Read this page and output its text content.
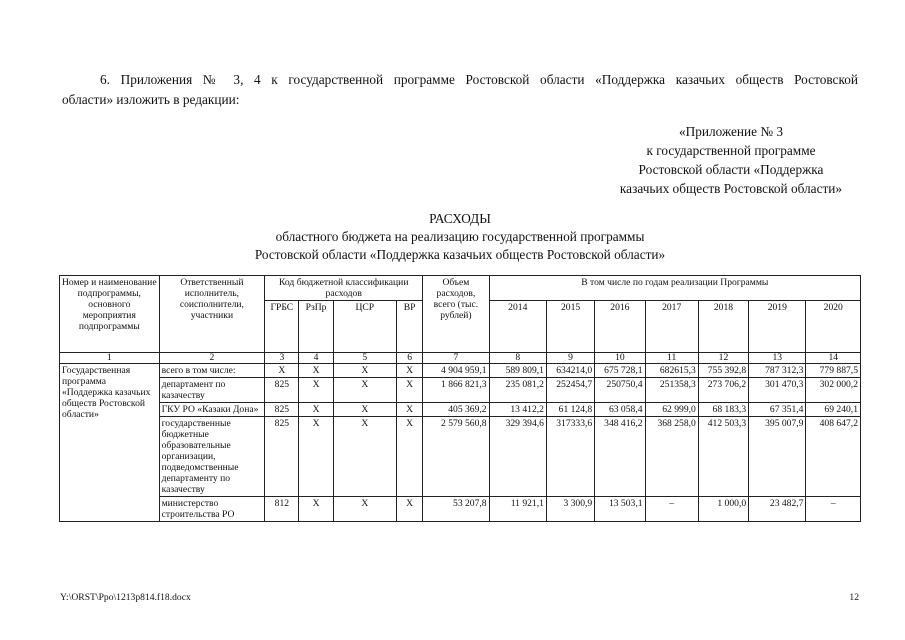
6. Приложения № 3, 4 к государственной программе Ростовской области «Поддержка казачьих обществ Ростовской
области» изложить в редакции:
«Приложение № 3
к государственной программе
Ростовской области «Поддержка
казачьих обществ Ростовской области»
РАСХОДЫ
областного бюджета на реализацию государственной программы
Ростовской области «Поддержка казачьих обществ Ростовской области»
Номер и наименование подпрограммы, основного мероприятия подпрограммы	Ответственный исполнитель, соисполнители, участники	Код бюджетной классификации расходов				Объем расходов, всего (тыс. рублей)	В том числе по годам реализации Программы						
		ГРБС	РзПр	ЦСР	ВР		2014	2015	2016	2017	2018	2019	2020
1	2	3	4	5	6	7	8	9	10	11	12	13	14
Государственная программа «Поддержка казачьих обществ Ростовской области»	всего в том числе:	X	X	X	X	4 904 959,1	589 809,1	634214,0	675 728,1	682615,3	755 392,8	787 312,3	779 887,5
	департамент по казачеству	825	X	X	X	1 866 821,3	235 081,2	252454,7	250750,4	251358,3	273 706,2	301 470,3	302 000,2
	ГКУ РО «Казаки Дона»	825	X	X	X	405 369,2	13 412,2	61 124,8	63 058,4	62 999,0	68 183,3	67 351,4	69 240,1
	государственные бюджетные образовательные организации, подведомственные департаменту по казачеству	825	X	X	X	2 579 560,8	329 394,6	317333,6	348 416,2	368 258,0	412 503,3	395 007,9	408 647,2
	министерство строительства РО	812	X	X	X	53 207,8	11 921,1	3 300,9	13 503,1	–	1 000,0	23 482,7	–
Y:\ORST\Ppo\1213p814.f18.docx	12
